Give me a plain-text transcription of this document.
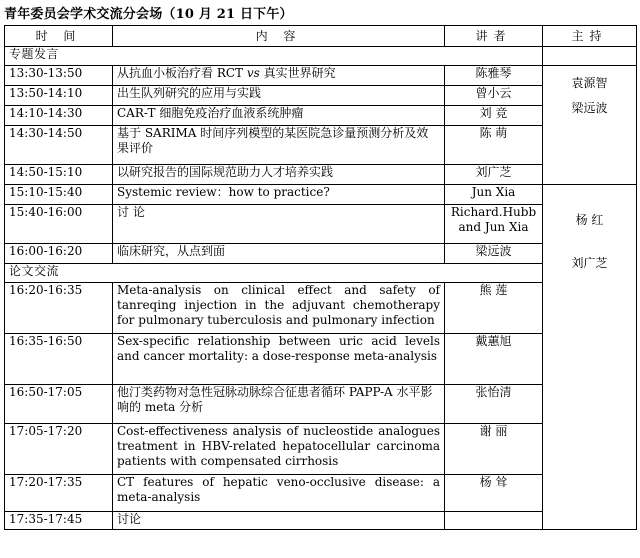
青年委员会学术交流分会场（10 月 21 日下午）
时 间	内 容	讲者	主持
专题发言			
13:30-13:50	从抗血小板治疗看 RCT vs 真实世界研究	陈雅琴	袁源智
梁远波

13:50-14:10	出生队列研究的应用与实践	曾小云	
14:10-14:30	CAR-T 细胞免疫治疗血液系统肿瘤	刘 竞	
14:30-14:50	基于 SARIMA 时间序列模型的某医院急诊量预测分析及效果评价	陈 萌	
14:50-15:10	以研究报告的国际规范助力人才培养实践	刘广芝	
15:10-15:40	Systemic review：how to practice?	Jun Xia	杨 红
刘广芝

15:40-16:00	讨 论	Richard.Hubb and Jun Xia	
16:00-16:20	临床研究，从点到面	梁远波	
论文交流			
16:20-16:35	Meta-analysis on clinical effect and safety of tanreqing injection in the adjuvant chemotherapy for pulmonary tuberculosis and pulmonary infection	熊 莲	
16:35-16:50	Sex-specific relationship between uric acid levels and cancer mortality: a dose-response meta-analysis	戴蕙旭	
16:50-17:05	他汀类药物对急性冠脉动脉综合征患者循环 PAPP-A 水平影响的 meta 分析	张怡清	
17:05-17:20	Cost-effectiveness analysis of nucleostide analogues treatment in HBV-related hepatocellular carcinoma patients with compensated cirrhosis	谢 丽	
17:20-17:35	CT features of hepatic veno-occlusive disease: a meta-analysis	杨 耸	
17:35-17:45	讨论		
